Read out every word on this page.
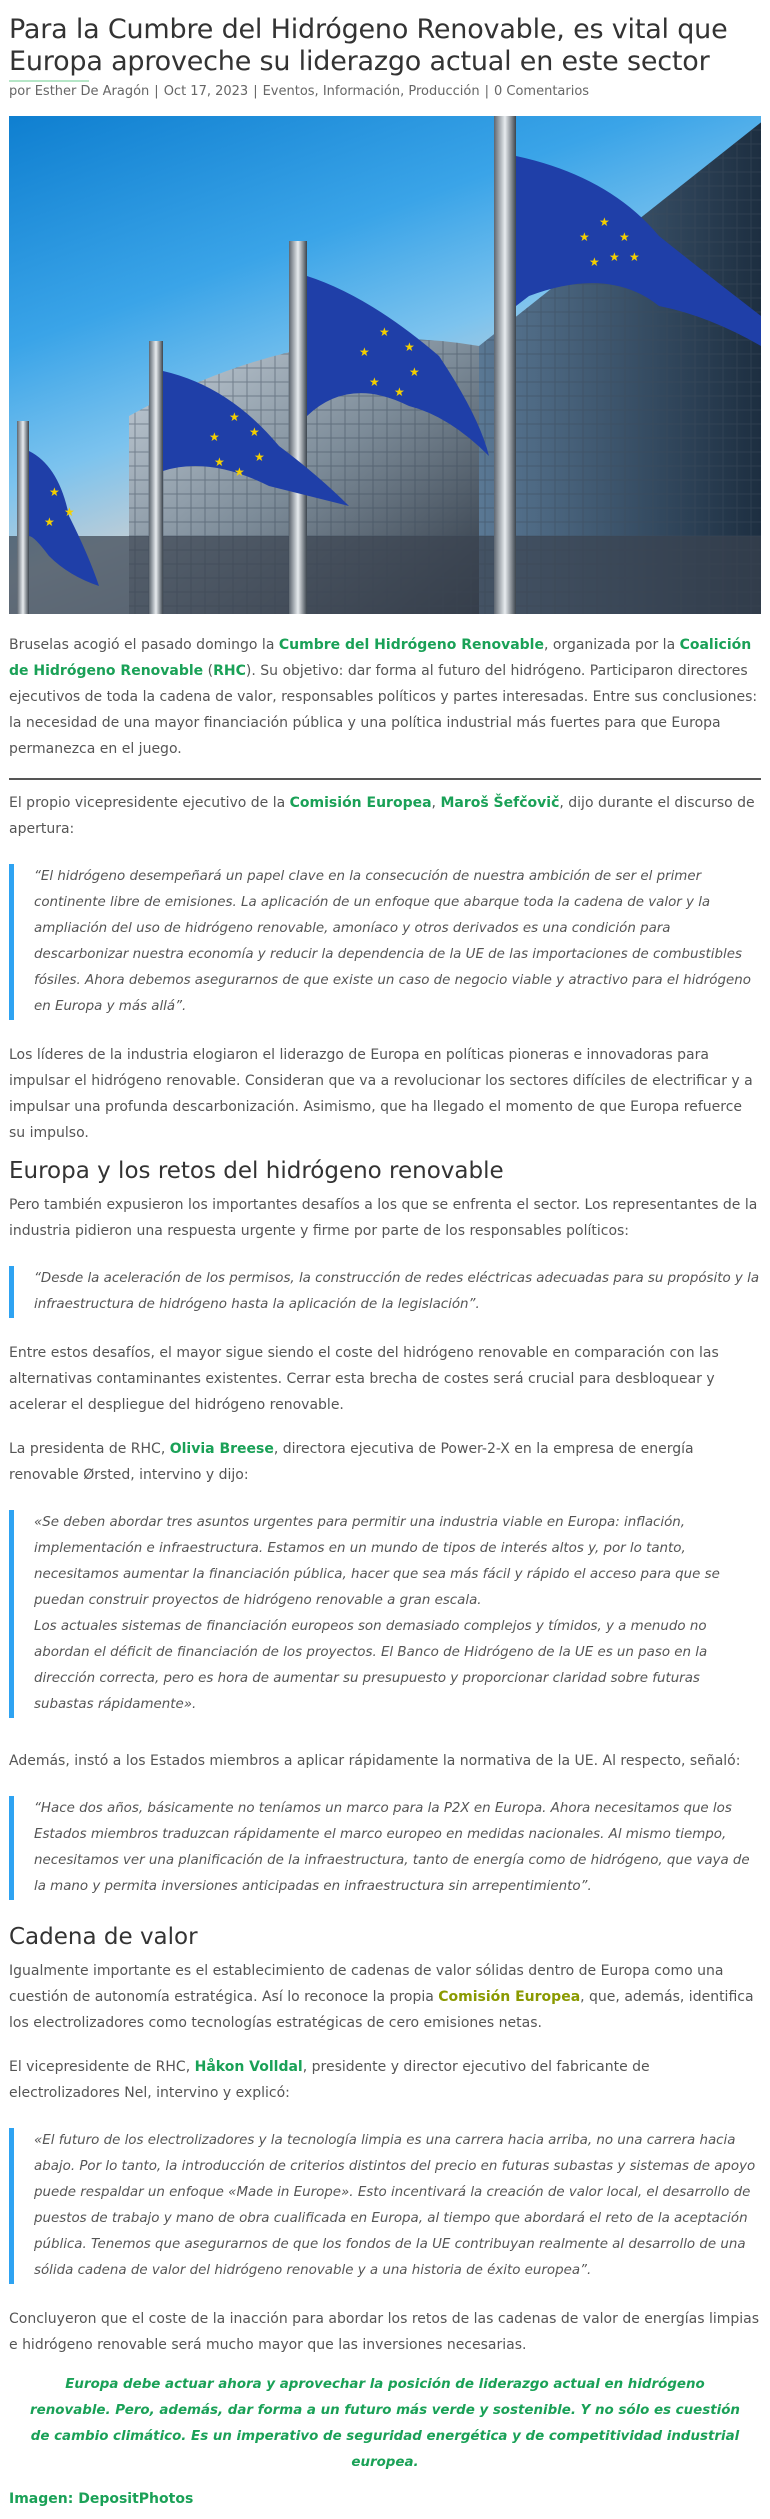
Para la Cumbre del Hidrógeno Renovable, es vital que Europa aproveche su liderazgo actual en este sector
por Esther De Aragón | Oct 17, 2023 | Eventos, Información, Producción | 0 Comentarios
★
★
★
★ ★
★
★
★
★
★
★
★
★
★
★
★
★
★
★
★
★

Bruselas acogió el pasado domingo la Cumbre del Hidrógeno Renovable, organizada por la Coalición de Hidrógeno Renovable (RHC). Su objetivo: dar forma al futuro del hidrógeno. Participaron directores ejecutivos de toda la cadena de valor, responsables políticos y partes interesadas. Entre sus conclusiones: la necesidad de una mayor financiación pública y una política industrial más fuertes para que Europa permanezca en el juego.

El propio vicepresidente ejecutivo de la Comisión Europea, Maroš Šefčovič, dijo durante el discurso de apertura:

“El hidrógeno desempeñará un papel clave en la consecución de nuestra ambición de ser el primer continente libre de emisiones. La aplicación de un enfoque que abarque toda la cadena de valor y la ampliación del uso de hidrógeno renovable, amoníaco y otros derivados es una condición para descarbonizar nuestra economía y reducir la dependencia de la UE de las importaciones de combustibles fósiles. Ahora debemos asegurarnos de que existe un caso de negocio viable y atractivo para el hidrógeno en Europa y más allá”.

Los líderes de la industria elogiaron el liderazgo de Europa en políticas pioneras e innovadoras para impulsar el hidrógeno renovable. Consideran que va a revolucionar los sectores difíciles de electrificar y a impulsar una profunda descarbonización. Asimismo, que ha llegado el momento de que Europa refuerce su impulso.

Europa y los retos del hidrógeno renovable

Pero también expusieron los importantes desafíos a los que se enfrenta el sector. Los representantes de la industria pidieron una respuesta urgente y firme por parte de los responsables políticos:

“Desde la aceleración de los permisos, la construcción de redes eléctricas adecuadas para su propósito y la infraestructura de hidrógeno hasta la aplicación de la legislación”.

Entre estos desafíos, el mayor sigue siendo el coste del hidrógeno renovable en comparación con las alternativas contaminantes existentes. Cerrar esta brecha de costes será crucial para desbloquear y acelerar el despliegue del hidrógeno renovable.

La presidenta de RHC, Olivia Breese, directora ejecutiva de Power-2-X en la empresa de energía renovable Ørsted, intervino y dijo:

«Se deben abordar tres asuntos urgentes para permitir una industria viable en Europa: inflación, implementación e infraestructura. Estamos en un mundo de tipos de interés altos y, por lo tanto, necesitamos aumentar la financiación pública, hacer que sea más fácil y rápido el acceso para que se puedan construir proyectos de hidrógeno renovable a gran escala.
Los actuales sistemas de financiación europeos son demasiado complejos y tímidos, y a menudo no abordan el déficit de financiación de los proyectos. El Banco de Hidrógeno de la UE es un paso en la dirección correcta, pero es hora de aumentar su presupuesto y proporcionar claridad sobre futuras subastas rápidamente».

Además, instó a los Estados miembros a aplicar rápidamente la normativa de la UE. Al respecto, señaló:

“Hace dos años, básicamente no teníamos un marco para la P2X en Europa. Ahora necesitamos que los Estados miembros traduzcan rápidamente el marco europeo en medidas nacionales. Al mismo tiempo, necesitamos ver una planificación de la infraestructura, tanto de energía como de hidrógeno, que vaya de la mano y permita inversiones anticipadas en infraestructura sin arrepentimiento”.
Cadena de valor

Igualmente importante es el establecimiento de cadenas de valor sólidas dentro de Europa como una cuestión de autonomía estratégica. Así lo reconoce la propia Comisión Europea, que, además, identifica los electrolizadores como tecnologías estratégicas de cero emisiones netas.

El vicepresidente de RHC, Håkon Volldal, presidente y director ejecutivo del fabricante de electrolizadores Nel, intervino y explicó:

«El futuro de los electrolizadores y la tecnología limpia es una carrera hacia arriba, no una carrera hacia abajo. Por lo tanto, la introducción de criterios distintos del precio en futuras subastas y sistemas de apoyo puede respaldar un enfoque «Made in Europe». Esto incentivará la creación de valor local, el desarrollo de puestos de trabajo y mano de obra cualificada en Europa, al tiempo que abordará el reto de la aceptación pública. Tenemos que asegurarnos de que los fondos de la UE contribuyan realmente al desarrollo de una sólida cadena de valor del hidrógeno renovable y a una historia de éxito europea”.

Concluyeron que el coste de la inacción para abordar los retos de las cadenas de valor de energías limpias e hidrógeno renovable será mucho mayor que las inversiones necesarias.

Europa debe actuar ahora y aprovechar la posición de liderazgo actual en hidrógeno renovable. Pero, además, dar forma a un futuro más verde y sostenible. Y no sólo es cuestión de cambio climático. Es un imperativo de seguridad energética y de competitividad industrial europea.

Imagen: DepositPhotos
